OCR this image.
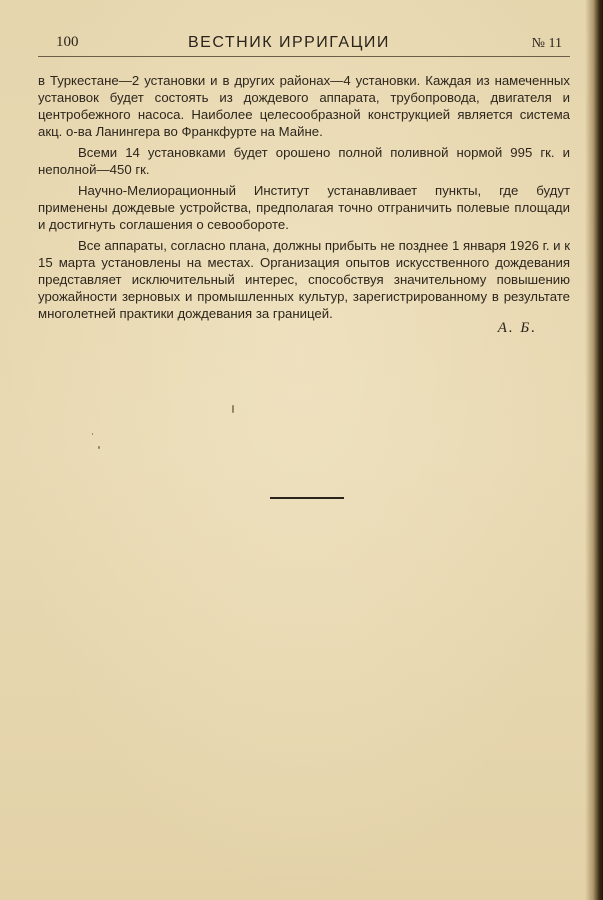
100	ВЕСТНИК ИРРИГАЦИИ	№ 11

в Туркестане—2 установки и в других районах—4 установки. Каждая из намеченных установок будет состоять из дождевого аппарата, трубопровода, двигателя и центробежного насоса. Наиболее целесообразной конструкцией является система акц. о-ва Ланингера во Франкфурте на Майне.

Всеми 14 установками будет орошено полной поливной нормой 995 гк. и неполной—450 гк.

Научно-Мелиорационный Институт устанавливает пункты, где будут применены дождевые устройства, предполагая точно отграничить полевые площади и достигнуть соглашения о севообороте.

Все аппараты, согласно плана, должны прибыть не позднее 1 января 1926 г. и к 15 марта установлены на местах. Организация опытов искусственного дождевания представляет исключительный интерес, способствуя значительному повышению урожайности зерновых и промышленных культур, зарегистрированному в результате многолетней практики дождевания за границей.

А. Б.
